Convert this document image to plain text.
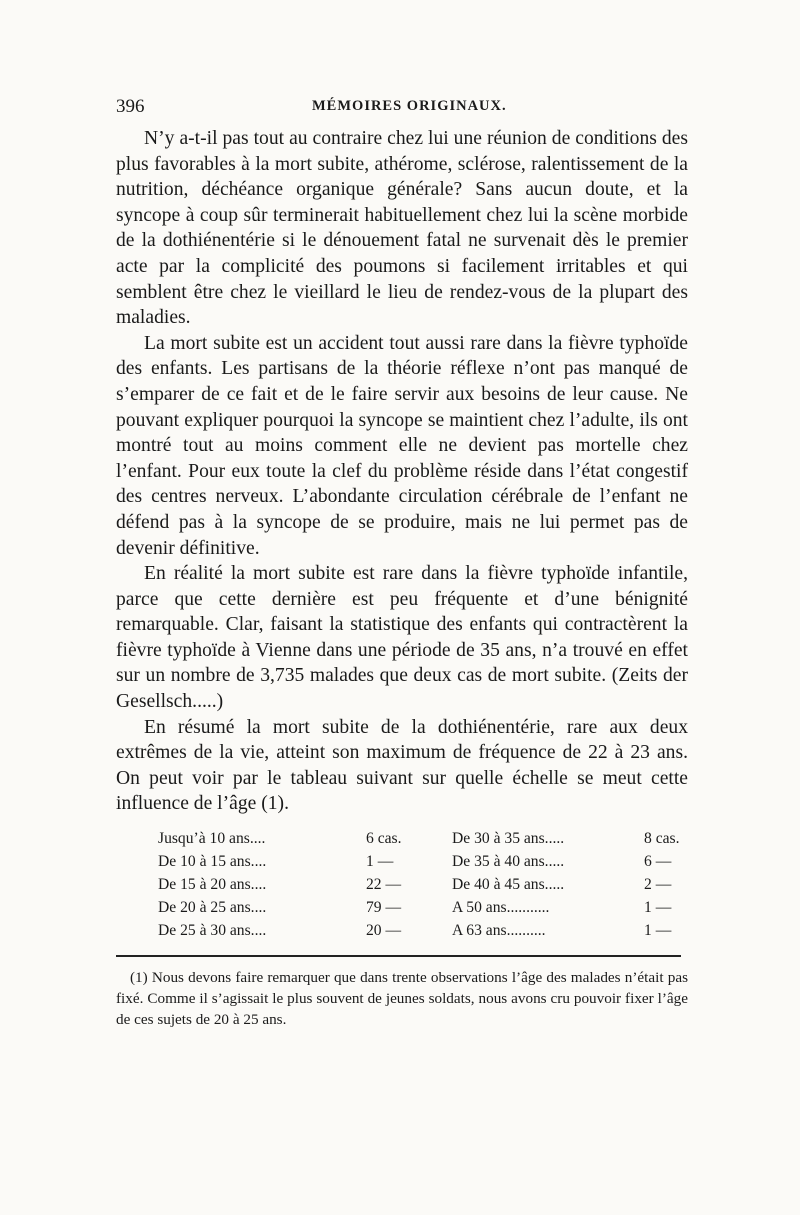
396	MÉMOIRES ORIGINAUX.

N’y a-t-il pas tout au contraire chez lui une réunion de conditions des plus favorables à la mort subite, athérome, sclérose, ralentissement de la nutrition, déchéance organique générale? Sans aucun doute, et la syncope à coup sûr terminerait habituellement chez lui la scène morbide de la dothiénentérie si le dénouement fatal ne survenait dès le premier acte par la complicité des poumons si facilement irritables et qui semblent être chez le vieillard le lieu de rendez-vous de la plupart des maladies.

La mort subite est un accident tout aussi rare dans la fièvre typhoïde des enfants. Les partisans de la théorie réflexe n’ont pas manqué de s’emparer de ce fait et de le faire servir aux besoins de leur cause. Ne pouvant expliquer pourquoi la syncope se maintient chez l’adulte, ils ont montré tout au moins comment elle ne devient pas mortelle chez l’enfant. Pour eux toute la clef du problème réside dans l’état congestif des centres nerveux. L’abondante circulation cérébrale de l’enfant ne défend pas à la syncope de se produire, mais ne lui permet pas de devenir définitive.

En réalité la mort subite est rare dans la fièvre typhoïde infantile, parce que cette dernière est peu fréquente et d’une bénignité remarquable. Clar, faisant la statistique des enfants qui contractèrent la fièvre typhoïde à Vienne dans une période de 35 ans, n’a trouvé en effet sur un nombre de 3,735 malades que deux cas de mort subite. (Zeits der Gesellsch.....)

En résumé la mort subite de la dothiénentérie, rare aux deux extrêmes de la vie, atteint son maximum de fréquence de 22 à 23 ans. On peut voir par le tableau suivant sur quelle échelle se meut cette influence de l’âge (1).

Jusqu’à 10 ans....	6 cas.	De 30 à 35 ans.....	8 cas.
De 10 à 15 ans....	1 —	De 35 à 40 ans.....	6 —
De 15 à 20 ans....	22 —	De 40 à 45 ans.....	2 —
De 20 à 25 ans....	79 —	A 50 ans...........	1 —
De 25 à 30 ans....	20 —	A 63 ans..........	1 —
(1) Nous devons faire remarquer que dans trente observations l’âge des malades n’était pas fixé. Comme il s’agissait le plus souvent de jeunes soldats, nous avons cru pouvoir fixer l’âge de ces sujets de 20 à 25 ans.
